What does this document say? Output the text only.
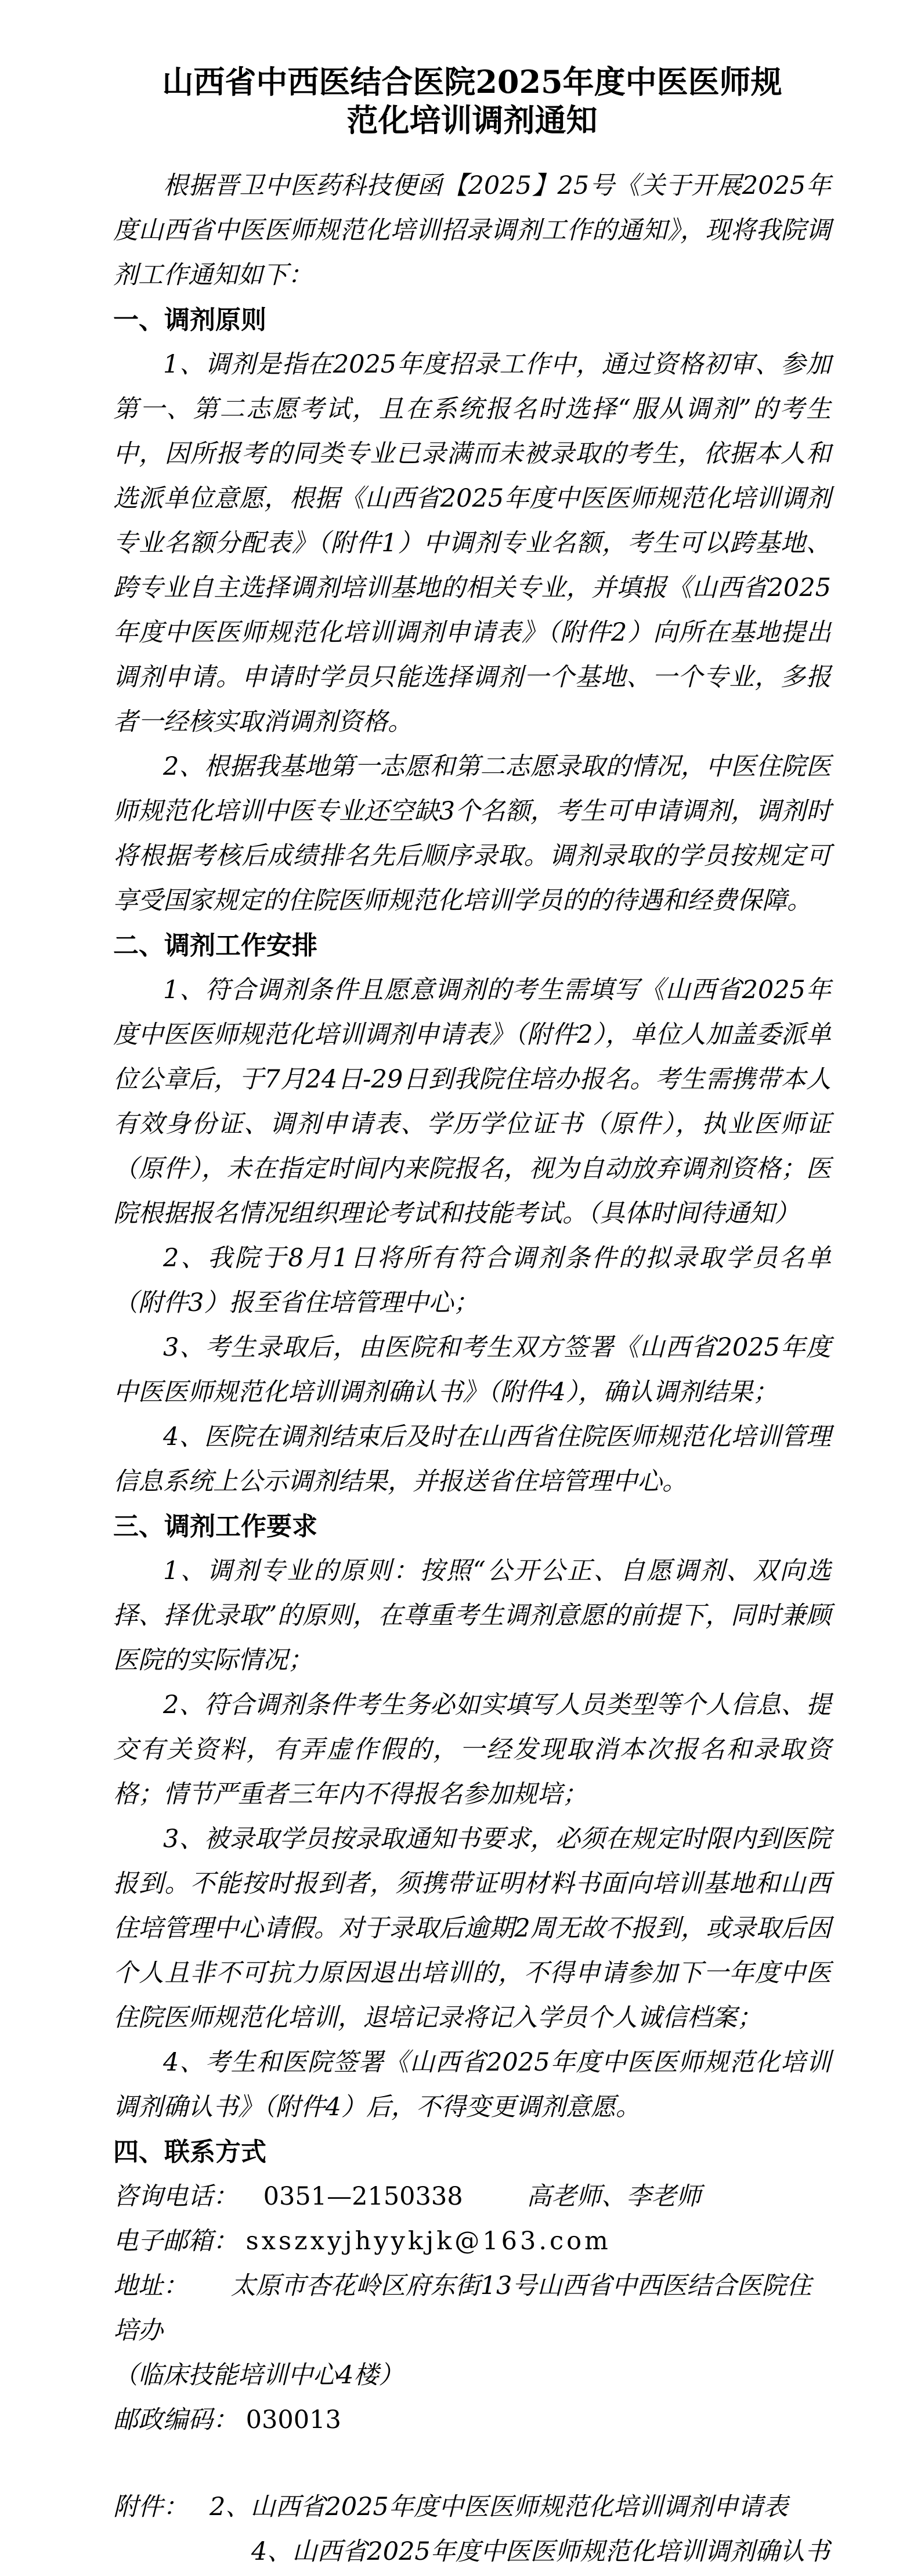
山西省中西医结合医院2025年度中医医师规
范化培训调剂通知

根据晋卫中医药科技便函【2025】25号《关于开展2025年度山西省中医医师规范化培训招录调剂工作的通知》，现将我院调剂工作通知如下：

一、调剂原则

1、调剂是指在2025年度招录工作中，通过资格初审、参加第一、第二志愿考试，且在系统报名时选择“服从调剂”的考生中，因所报考的同类专业已录满而未被录取的考生，依据本人和选派单位意愿，根据《山西省2025年度中医医师规范化培训调剂专业名额分配表》（附件1）中调剂专业名额，考生可以跨基地、跨专业自主选择调剂培训基地的相关专业，并填报《山西省2025年度中医医师规范化培训调剂申请表》（附件2）向所在基地提出调剂申请。申请时学员只能选择调剂一个基地、一个专业，多报者一经核实取消调剂资格。

2、根据我基地第一志愿和第二志愿录取的情况，中医住院医师规范化培训中医专业还空缺3个名额，考生可申请调剂，调剂时将根据考核后成绩排名先后顺序录取。调剂录取的学员按规定可享受国家规定的住院医师规范化培训学员的的待遇和经费保障。

二、调剂工作安排

1、符合调剂条件且愿意调剂的考生需填写《山西省2025年度中医医师规范化培训调剂申请表》（附件2），单位人加盖委派单位公章后，于7月24日-29日到我院住培办报名。考生需携带本人有效身份证、调剂申请表、学历学位证书（原件），执业医师证（原件），未在指定时间内来院报名，视为自动放弃调剂资格；医院根据报名情况组织理论考试和技能考试。（具体时间待通知）

2、我院于8月1日将所有符合调剂条件的拟录取学员名单（附件3）报至省住培管理中心；

3、考生录取后，由医院和考生双方签署《山西省2025年度中医医师规范化培训调剂确认书》（附件4），确认调剂结果；

4、医院在调剂结束后及时在山西省住院医师规范化培训管理信息系统上公示调剂结果，并报送省住培管理中心。

三、调剂工作要求

1、调剂专业的原则：按照“公开公正、自愿调剂、双向选择、择优录取”的原则，在尊重考生调剂意愿的前提下，同时兼顾医院的实际情况；

2、符合调剂条件考生务必如实填写人员类型等个人信息、提交有关资料，有弄虚作假的，一经发现取消本次报名和录取资格；情节严重者三年内不得报名参加规培；

3、被录取学员按录取通知书要求，必须在规定时限内到医院报到。不能按时报到者，须携带证明材料书面向培训基地和山西住培管理中心请假。对于录取后逾期2周无故不报到，或录取后因个人且非不可抗力原因退出培训的，不得申请参加下一年度中医住院医师规范化培训，退培记录将记入学员个人诚信档案；

4、考生和医院签署《山西省2025年度中医医师规范化培训调剂确认书》（附件4）后，不得变更调剂意愿。

四、联系方式

咨询电话： 0351—2150338	高老师、李老师

电子邮箱： sxszxyjhyykjk@163.com

地址： 太原市杏花岭区府东街13号山西省中西医结合医院住培办

（临床技能培训中心4楼）

邮政编码： 030013

附件： 2、山西省2025年度中医医师规范化培训调剂申请表

4、山西省2025年度中医医师规范化培训调剂确认书
